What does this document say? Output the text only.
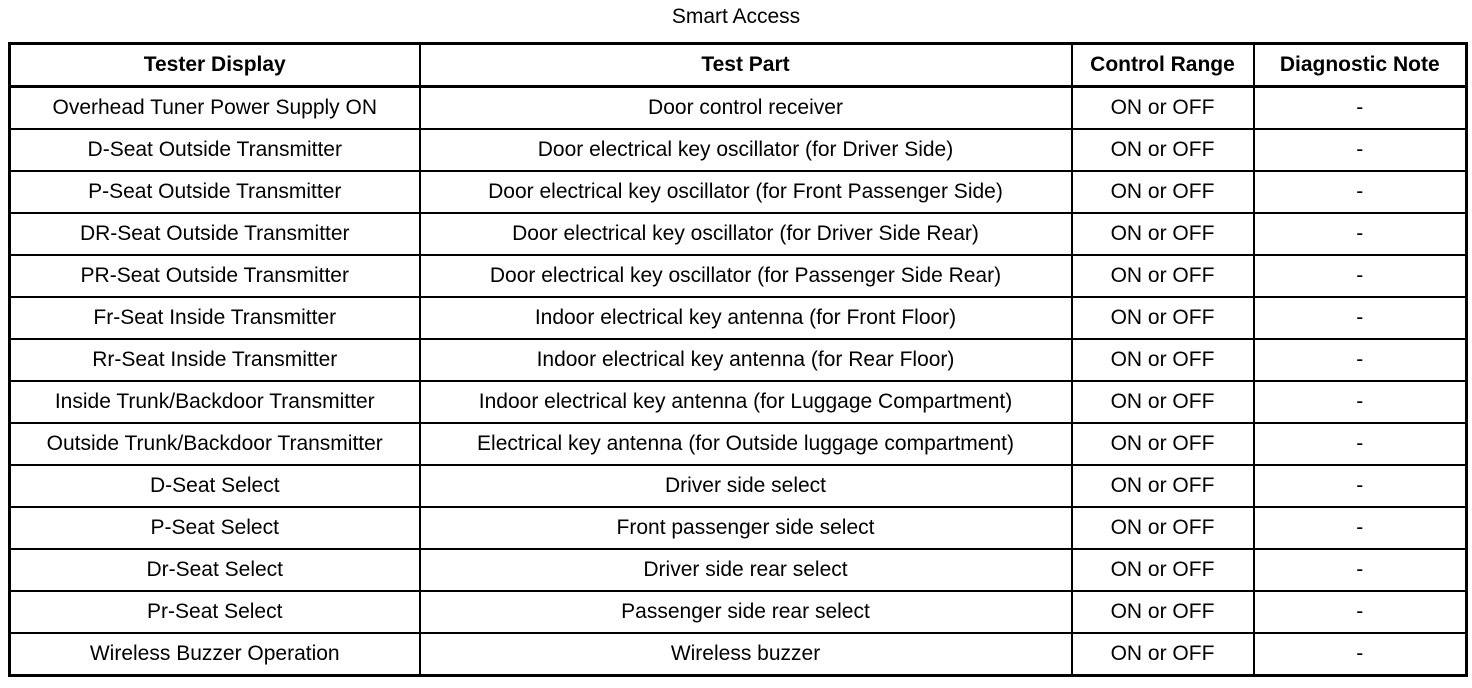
Smart Access
Tester Display	Test Part	Control Range	Diagnostic Note
Overhead Tuner Power Supply ON	Door control receiver	ON or OFF	-
D-Seat Outside Transmitter	Door electrical key oscillator (for Driver Side)	ON or OFF	-
P-Seat Outside Transmitter	Door electrical key oscillator (for Front Passenger Side)	ON or OFF	-
DR-Seat Outside Transmitter	Door electrical key oscillator (for Driver Side Rear)	ON or OFF	-
PR-Seat Outside Transmitter	Door electrical key oscillator (for Passenger Side Rear)	ON or OFF	-
Fr-Seat Inside Transmitter	Indoor electrical key antenna (for Front Floor)	ON or OFF	-
Rr-Seat Inside Transmitter	Indoor electrical key antenna (for Rear Floor)	ON or OFF	-
Inside Trunk/Backdoor Transmitter	Indoor electrical key antenna (for Luggage Compartment)	ON or OFF	-
Outside Trunk/Backdoor Transmitter	Electrical key antenna (for Outside luggage compartment)	ON or OFF	-
D-Seat Select	Driver side select	ON or OFF	-
P-Seat Select	Front passenger side select	ON or OFF	-
Dr-Seat Select	Driver side rear select	ON or OFF	-
Pr-Seat Select	Passenger side rear select	ON or OFF	-
Wireless Buzzer Operation	Wireless buzzer	ON or OFF	-
